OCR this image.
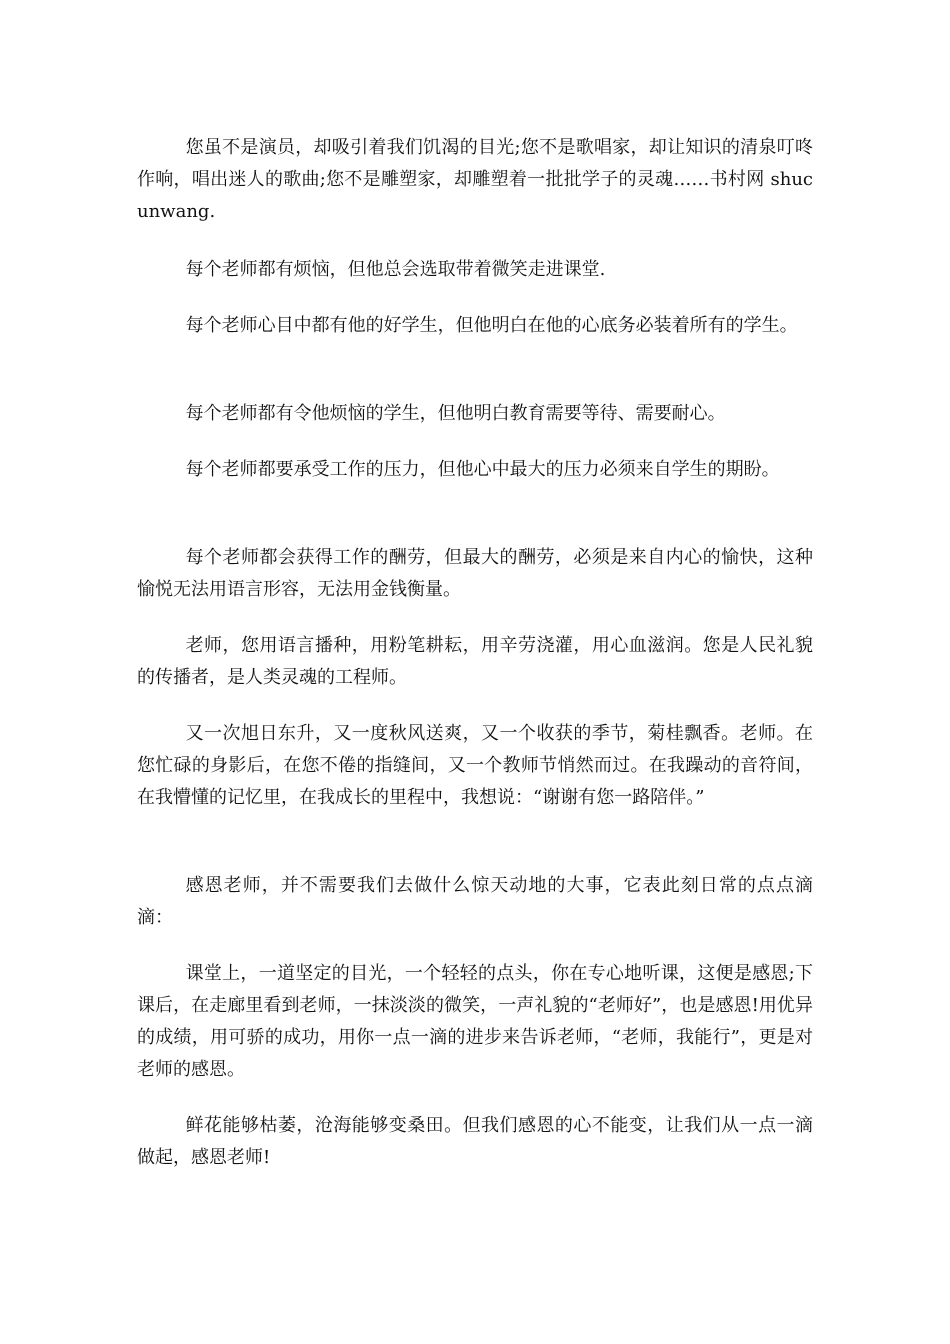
您虽不是演员，却吸引着我们饥渴的目光;您不是歌唱家，却让知识的清泉叮咚作响，唱出迷人的歌曲;您不是雕塑家，却雕塑着一批批学子的灵魂……书村网 shucunwang.

每个老师都有烦恼，但他总会选取带着微笑走进课堂.

每个老师心目中都有他的好学生，但他明白在他的心底务必装着所有的学生。

每个老师都有令他烦恼的学生，但他明白教育需要等待、需要耐心。

每个老师都要承受工作的压力，但他心中最大的压力必须来自学生的期盼。

每个老师都会获得工作的酬劳，但最大的酬劳，必须是来自内心的愉快，这种愉悦无法用语言形容，无法用金钱衡量。

老师，您用语言播种，用粉笔耕耘，用辛劳浇灌，用心血滋润。您是人民礼貌的传播者，是人类灵魂的工程师。

又一次旭日东升，又一度秋风送爽，又一个收获的季节，菊桂飘香。老师。在您忙碌的身影后，在您不倦的指缝间，又一个教师节悄然而过。在我躁动的音符间，在我懵懂的记忆里，在我成长的里程中，我想说：“谢谢有您一路陪伴。”

感恩老师，并不需要我们去做什么惊天动地的大事，它表此刻日常的点点滴滴：

课堂上，一道坚定的目光，一个轻轻的点头，你在专心地听课，这便是感恩;下课后，在走廊里看到老师，一抹淡淡的微笑，一声礼貌的“老师好”，也是感恩!用优异的成绩，用可骄的成功，用你一点一滴的进步来告诉老师，“老师，我能行”，更是对老师的感恩。

鲜花能够枯萎，沧海能够变桑田。但我们感恩的心不能变，让我们从一点一滴做起，感恩老师!
